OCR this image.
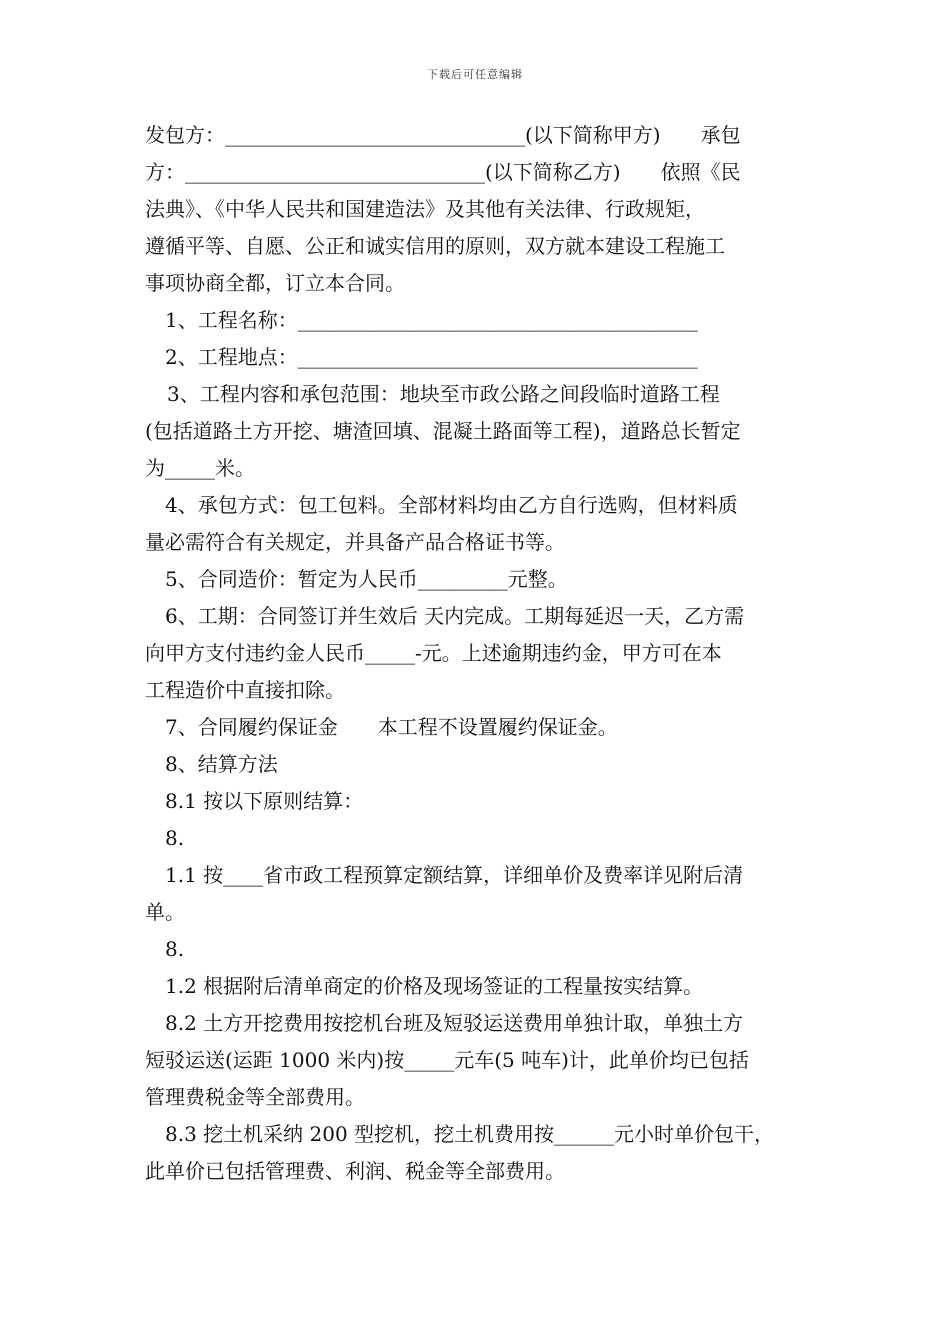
下载后可任意编辑
发包方：______________________________(以下简称甲方)　　承包
方：______________________________(以下简称乙方)　　依照《民
法典》、《中华人民共和国建造法》及其他有关法律、行政规矩，
遵循平等、自愿、公正和诚实信用的原则，双方就本建设工程施工
事项协商全都，订立本合同。
1、工程名称：________________________________________
2、工程地点：________________________________________
3、工程内容和承包范围：地块至市政公路之间段临时道路工程
(包括道路土方开挖、塘渣回填、混凝土路面等工程)，道路总长暂定
为_____米。
4、承包方式：包工包料。全部材料均由乙方自行选购，但材料质
量必需符合有关规定，并具备产品合格证书等。
5、合同造价：暂定为人民币_________元整。
6、工期：合同签订并生效后 天内完成。工期每延迟一天，乙方需
向甲方支付违约金人民币_____-元。上述逾期违约金，甲方可在本
工程造价中直接扣除。
7、合同履约保证金　　本工程不设置履约保证金。
8、结算方法
8.1 按以下原则结算：
8.
1.1 按____省市政工程预算定额结算，详细单价及费率详见附后清
单。
8.
1.2 根据附后清单商定的价格及现场签证的工程量按实结算。
8.2 土方开挖费用按挖机台班及短驳运送费用单独计取，单独土方
短驳运送(运距 1000 米内)按_____元车(5 吨车)计，此单价均已包括
管理费税金等全部费用。
8.3 挖土机采纳 200 型挖机，挖土机费用按______元小时单价包干，
此单价已包括管理费、利润、税金等全部费用。
